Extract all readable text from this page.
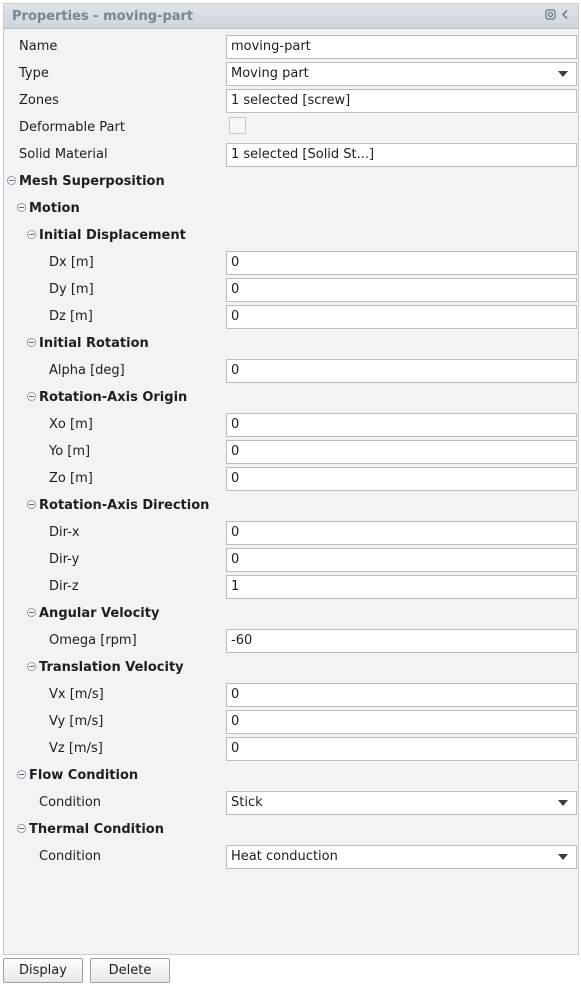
Properties - moving-part
Name	moving-part
Type	Moving part
Zones	1 selected [screw]
Deformable Part
Solid Material	1 selected [Solid St...]
Mesh Superposition
Motion
Initial Displacement
Dx [m]	0
Dy [m]	0
Dz [m]	0
Initial Rotation
Alpha [deg]	0
Rotation-Axis Origin
Xo [m]	0
Yo [m]	0
Zo [m]	0
Rotation-Axis Direction
Dir-x	0
Dir-y	0
Dir-z	1
Angular Velocity
Omega [rpm]	-60
Translation Velocity
Vx [m/s]	0
Vy [m/s]	0
Vz [m/s]	0
Flow Condition
Condition	Stick
Thermal Condition
Condition	Heat conduction
Display	Delete
